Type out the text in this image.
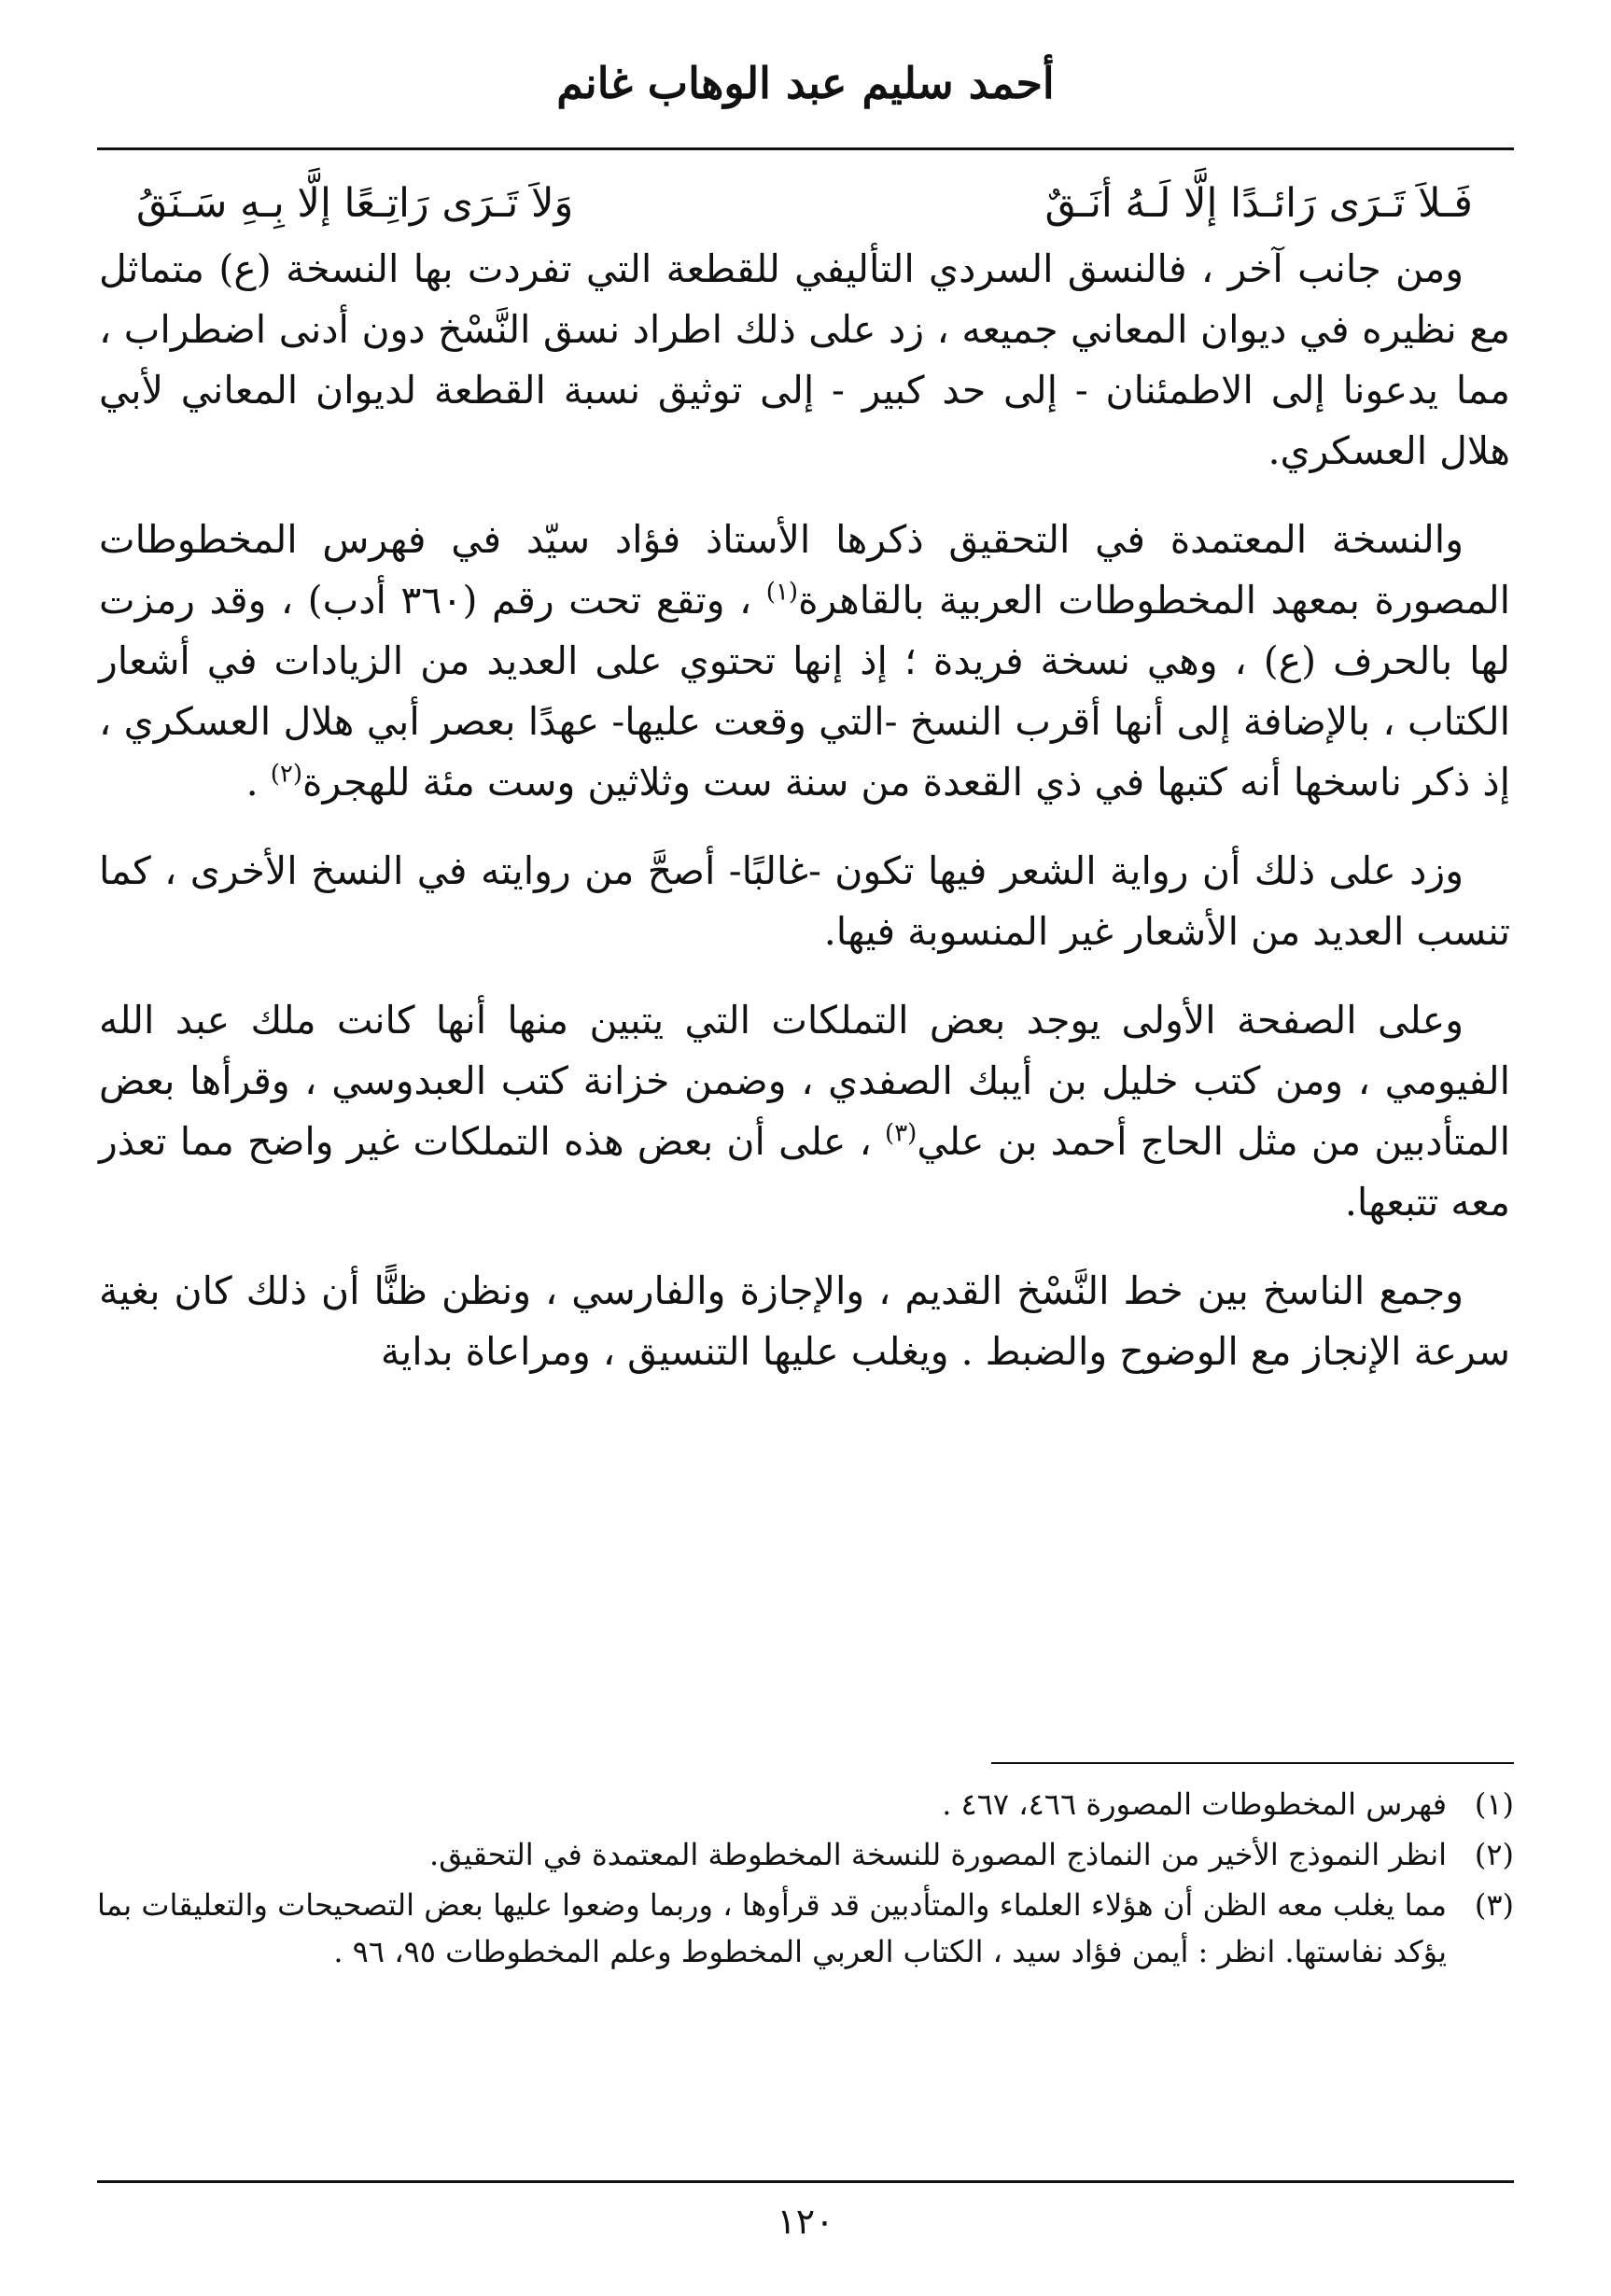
أحمد سليم عبد الوهاب غانم
فَـلاَ تَـرَى رَائـدًا إلَّا لَـهُ أنَـقٌ
وَلاَ تَـرَى رَاتِـعًا إلَّا بِـهِ سَـنَقُ

ومن جانب آخر ، فالنسق السردي التأليفي للقطعة التي تفردت بها النسخة (ع) متماثل مع نظيره في ديوان المعاني جميعه ، زد على ذلك اطراد نسق النَّسْخ دون أدنى اضطراب ، مما يدعونا إلى الاطمئنان - إلى حد كبير - إلى توثيق نسبة القطعة لديوان المعاني لأبي هلال العسكري.

والنسخة المعتمدة في التحقيق ذكرها الأستاذ فؤاد سيّد في فهرس المخطوطات المصورة بمعهد المخطوطات العربية بالقاهرة$^{(١)}$ ، وتقع تحت رقم (٣٦٠ أدب) ، وقد رمزت لها بالحرف (ع) ، وهي نسخة فريدة ؛ إذ إنها تحتوي على العديد من الزيادات في أشعار الكتاب ، بالإضافة إلى أنها أقرب النسخ -التي وقعت عليها- عهدًا بعصر أبي هلال العسكري ، إذ ذكر ناسخها أنه كتبها في ذي القعدة من سنة ست وثلاثين وست مئة للهجرة$^{(٢)}$ .

وزد على ذلك أن رواية الشعر فيها تكون -غالبًا- أصحَّ من روايته في النسخ الأخرى ، كما تنسب العديد من الأشعار غير المنسوبة فيها.

وعلى الصفحة الأولى يوجد بعض التملكات التي يتبين منها أنها كانت ملك عبد الله الفيومي ، ومن كتب خليل بن أيبك الصفدي ، وضمن خزانة كتب العبدوسي ، وقرأها بعض المتأدبين من مثل الحاج أحمد بن علي$^{(٣)}$ ، على أن بعض هذه التملكات غير واضح مما تعذر معه تتبعها.

وجمع الناسخ بين خط النَّسْخ القديم ، والإجازة والفارسي ، ونظن ظنًّا أن ذلك كان بغية سرعة الإنجاز مع الوضوح والضبط . ويغلب عليها التنسيق ، ومراعاة بداية

(١)
فهرس المخطوطات المصورة ٤٦٦، ٤٦٧ .
(٢)
انظر النموذج الأخير من النماذج المصورة للنسخة المخطوطة المعتمدة في التحقيق.
(٣)
مما يغلب معه الظن أن هؤلاء العلماء والمتأدبين قد قرأوها ، وربما وضعوا عليها بعض التصحيحات والتعليقات بما يؤكد نفاستها. انظر : أيمن فؤاد سيد ، الكتاب العربي المخطوط وعلم المخطوطات ٩٥، ٩٦ .
١٢٠
